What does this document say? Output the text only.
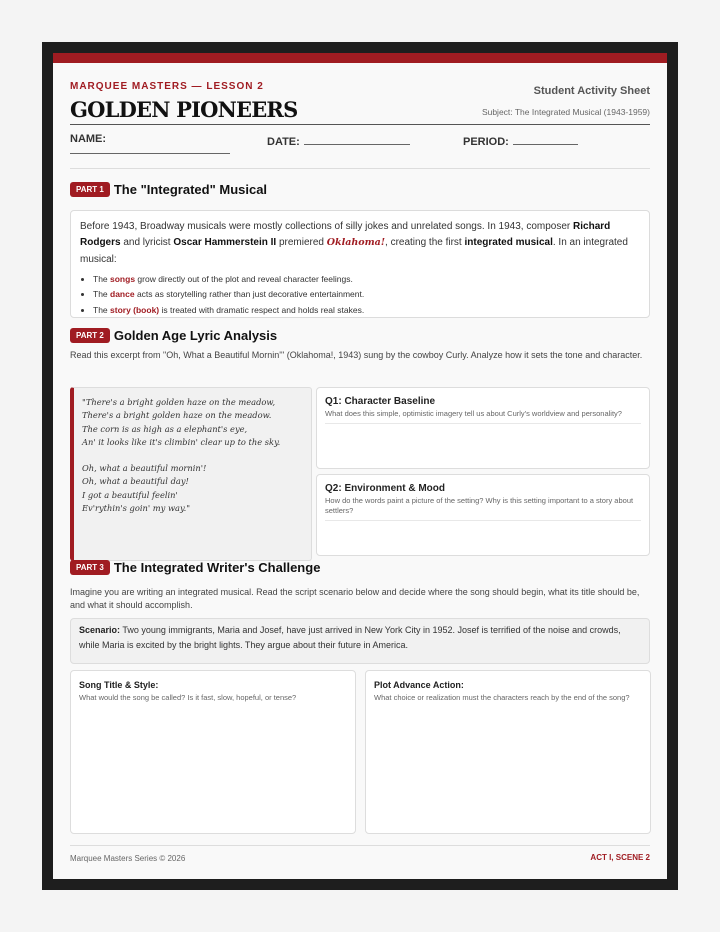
MARQUEE MASTERS — LESSON 2
GOLDEN PIONEERS
Student Activity Sheet
Subject: The Integrated Musical (1943-1959)
NAME:	DATE:	PERIOD:
PART 1 The "Integrated" Musical

Before 1943, Broadway musicals were mostly collections of silly jokes and unrelated songs. In 1943, composer Richard Rodgers and lyricist Oscar Hammerstein II premiered Oklahoma!, creating the first integrated musical. In an integrated musical:

• The songs grow directly out of the plot and reveal character feelings.
• The dance acts as storytelling rather than just decorative entertainment.
• The story (book) is treated with dramatic respect and holds real stakes.
PART 2 Golden Age Lyric Analysis
Read this excerpt from "Oh, What a Beautiful Mornin'" (Oklahoma!, 1943) sung by the cowboy Curly. Analyze how it sets the tone and character.
"There's a bright golden haze on the meadow,
There's a bright golden haze on the meadow.
The corn is as high as a elephant's eye,
An' it looks like it's climbin' clear up to the sky.
Oh, what a beautiful mornin'!
Oh, what a beautiful day!
I got a beautiful feelin'
Ev'rythin's goin' my way."
Q1: Character Baseline
What does this simple, optimistic imagery tell us about Curly's worldview and personality?
Q2: Environment & Mood
How do the words paint a picture of the setting? Why is this setting important to a story about settlers?
PART 3 The Integrated Writer's Challenge
Imagine you are writing an integrated musical. Read the script scenario below and decide where the song should begin, what its title should be, and what it should accomplish.
Scenario: Two young immigrants, Maria and Josef, have just arrived in New York City in 1952. Josef is terrified of the noise and crowds, while Maria is excited by the bright lights. They argue about their future in America.
Song Title & Style:
What would the song be called? Is it fast, slow, hopeful, or tense?
Plot Advance Action:
What choice or realization must the characters reach by the end of the song?
Marquee Masters Series © 2026	ACT I, SCENE 2
